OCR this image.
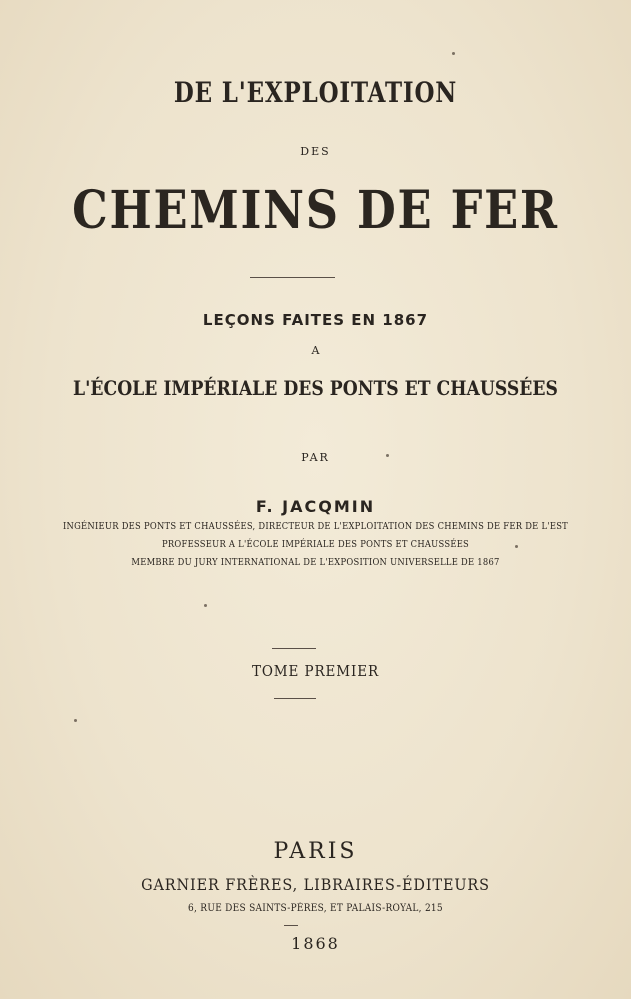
DE L'EXPLOITATION
DES
CHEMINS DE FER
LEÇONS FAITES EN 1867
A
L'ÉCOLE IMPÉRIALE DES PONTS ET CHAUSSÉES
PAR
F. JACQMIN
INGÉNIEUR DES PONTS ET CHAUSSÉES, DIRECTEUR DE L'EXPLOITATION DES CHEMINS DE FER DE L'EST
PROFESSEUR A L'ÉCOLE IMPÉRIALE DES PONTS ET CHAUSSÉES
MEMBRE DU JURY INTERNATIONAL DE L'EXPOSITION UNIVERSELLE DE 1867
TOME PREMIER
PARIS
GARNIER FRÈRES, LIBRAIRES-ÉDITEURS
6, RUE DES SAINTS-PÈRES, ET PALAIS-ROYAL, 215
1868
